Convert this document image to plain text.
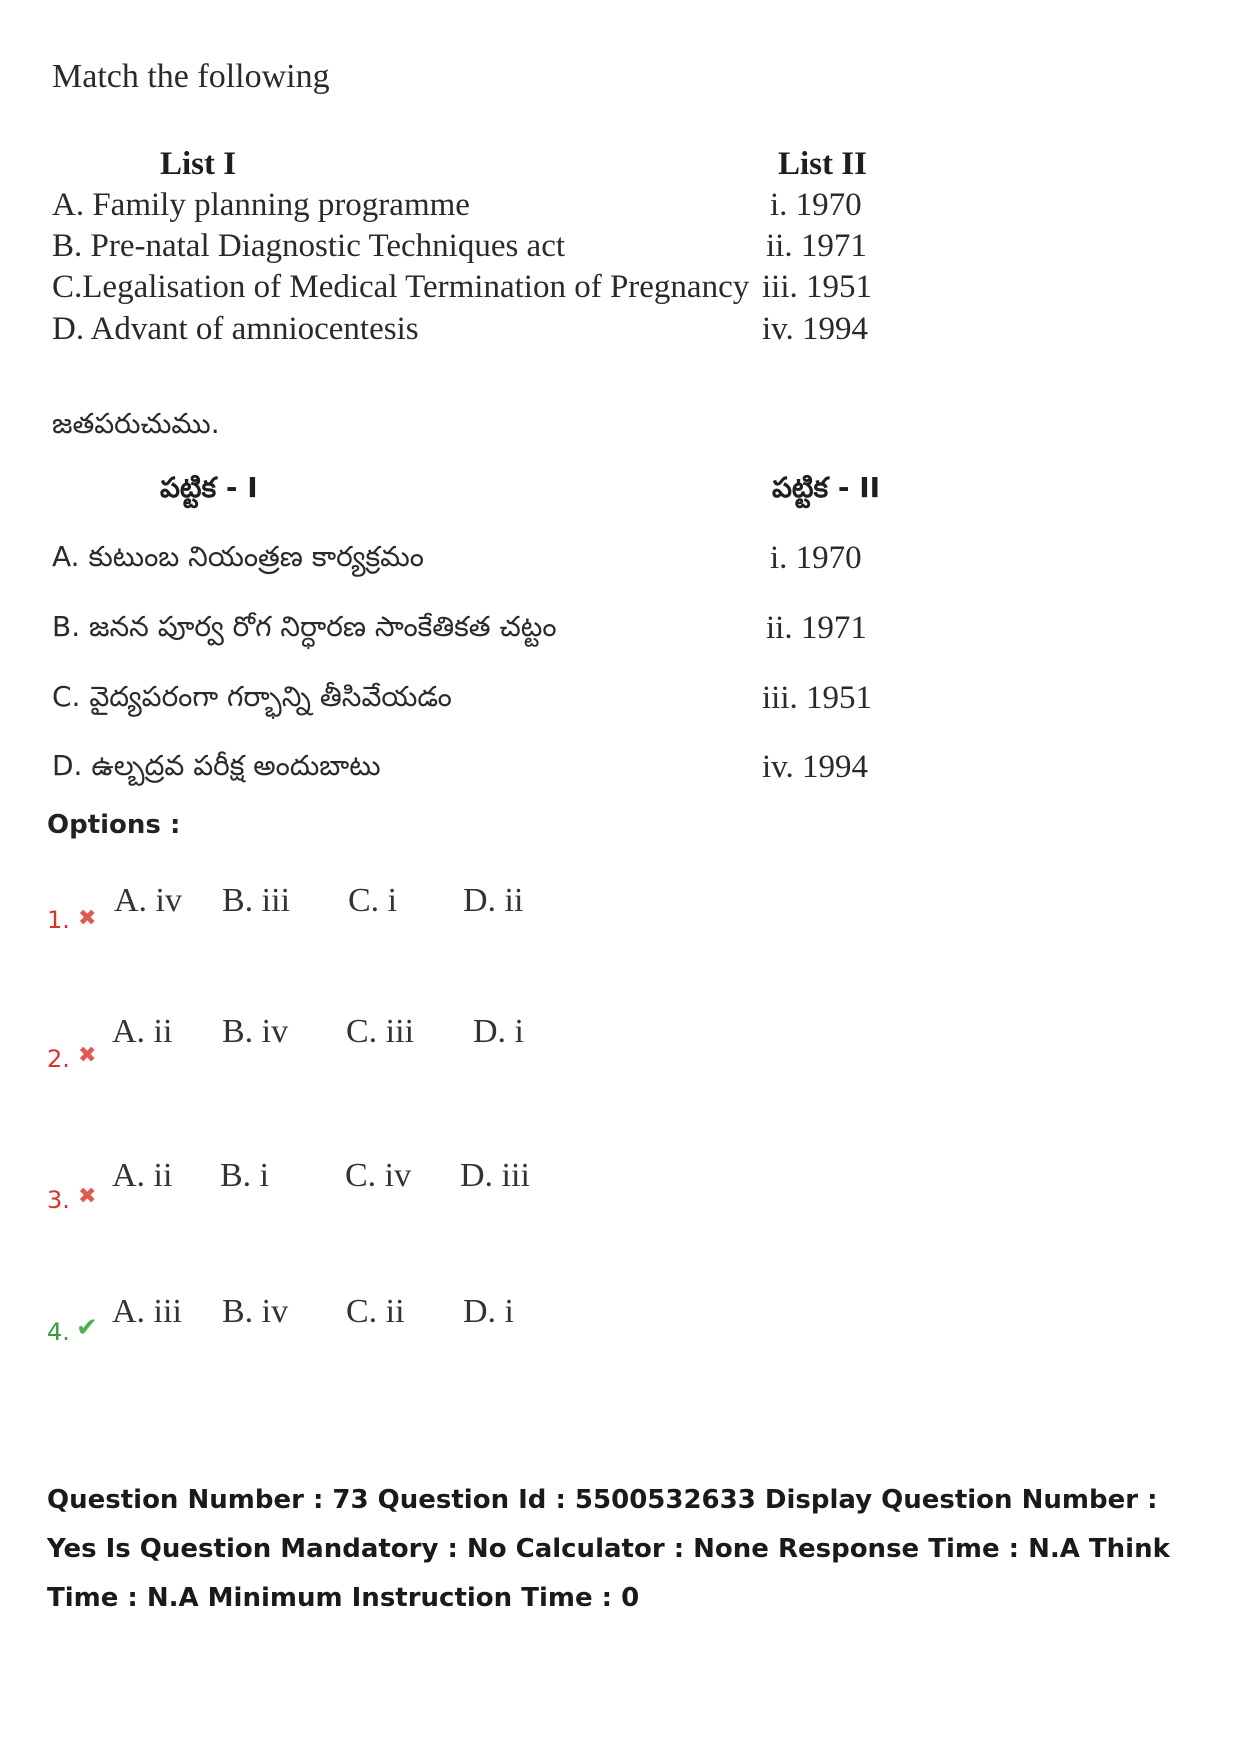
Match the following
List I	List II
A. Family planning programme	i. 1970
B. Pre-natal Diagnostic Techniques act	ii. 1971
C.Legalisation of Medical Termination of Pregnancy iii. 1951
D. Advant of amniocentesis	iv. 1994
జతపరుచుము.
పట్టిక - I	పట్టిక - II
A. కుటుంబ నియంత్రణ కార్యక్రమం	i. 1970
B. జనన పూర్వ రోగ నిర్ధారణ సాంకేతికత చట్టం	ii. 1971
C. వైద్యపరంగా గర్భాన్ని తీసివేయడం	iii. 1951
D. ఉల్బద్రవ పరీక్ష అందుబాటు	iv. 1994
Options :
1. ✖ A. iv B. iii C. i D. ii
2. ✖
A. ii B. iv C. iii D. i
3. ✖
A. ii B. i C. iv D. iii
4. ✔ A. iii B. iv C. ii D. i
Question Number : 73 Question Id : 5500532633 Display Question Number : Yes Is Question Mandatory : No Calculator : None Response Time : N.A Think Time : N.A Minimum Instruction Time : 0
